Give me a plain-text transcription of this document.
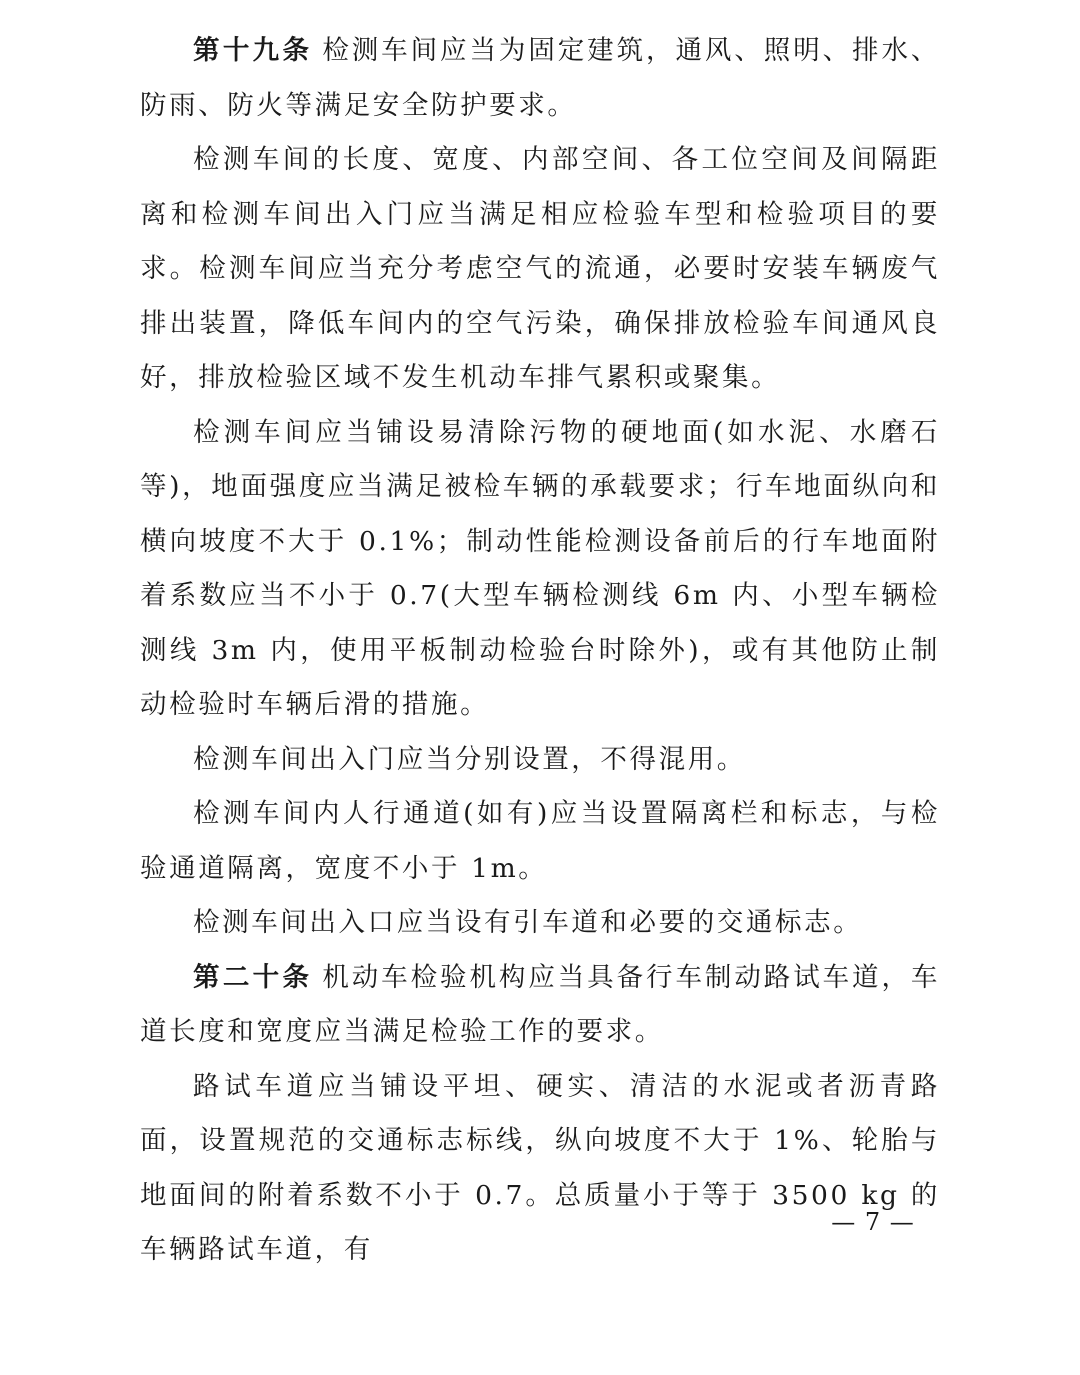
第十九条 检测车间应当为固定建筑，通风、照明、排水、防雨、防火等满足安全防护要求。

检测车间的长度、宽度、内部空间、各工位空间及间隔距离和检测车间出入门应当满足相应检验车型和检验项目的要求。检测车间应当充分考虑空气的流通，必要时安装车辆废气排出装置，降低车间内的空气污染，确保排放检验车间通风良好，排放检验区域不发生机动车排气累积或聚集。

检测车间应当铺设易清除污物的硬地面(如水泥、水磨石等)，地面强度应当满足被检车辆的承载要求；行车地面纵向和横向坡度不大于 0.1%；制动性能检测设备前后的行车地面附着系数应当不小于 0.7(大型车辆检测线 6m 内、小型车辆检测线 3m 内，使用平板制动检验台时除外)，或有其他防止制动检验时车辆后滑的措施。

检测车间出入门应当分别设置，不得混用。

检测车间内人行通道(如有)应当设置隔离栏和标志，与检验通道隔离，宽度不小于 1m。

检测车间出入口应当设有引车道和必要的交通标志。

第二十条 机动车检验机构应当具备行车制动路试车道，车道长度和宽度应当满足检验工作的要求。

路试车道应当铺设平坦、硬实、清洁的水泥或者沥青路面，设置规范的交通标志标线，纵向坡度不大于 1%、轮胎与地面间的附着系数不小于 0.7。总质量小于等于 3500 kg 的车辆路试车道，有

— 7 —
